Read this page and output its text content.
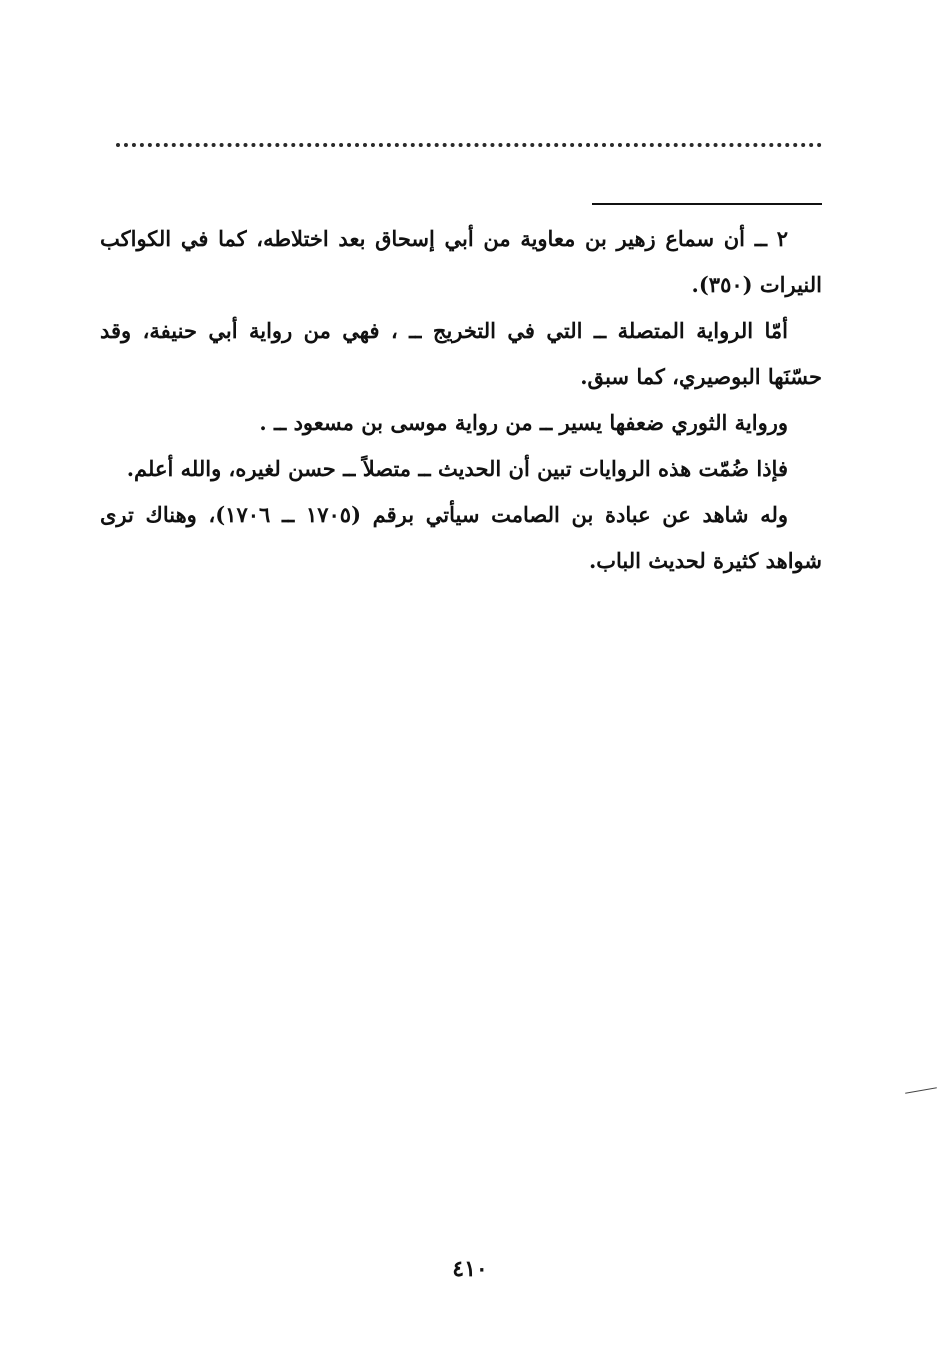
٢ ــ أن سماع زهير بن معاوية من أبي إسحاق بعد اختلاطه، كما في الكواكب النيرات (٣٥٠).

أمّا الرواية المتصلة ــ التي في التخريج ــ ، فهي من رواية أبي حنيفة، وقد حسّنَها البوصيري، كما سبق.

ورواية الثوري ضعفها يسير ــ من رواية موسى بن مسعود ــ .

فإذا ضُمّت هذه الروايات تبين أن الحديث ــ متصلاً ــ حسن لغيره، والله أعلم.

وله شاهد عن عبادة بن الصامت سيأتي برقم (١٧٠٥ ــ ١٧٠٦)، وهناك ترى شواهد كثيرة لحديث الباب.

٤١٠
